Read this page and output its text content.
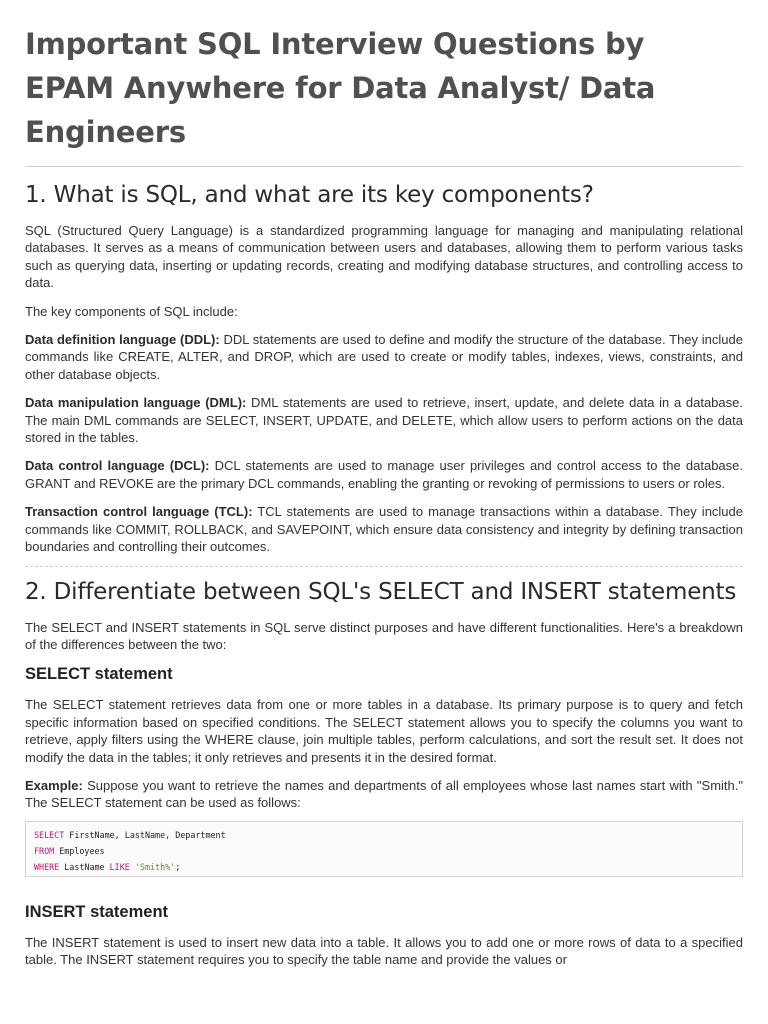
Important SQL Interview Questions by EPAM Anywhere for Data Analyst/ Data Engineers
1. What is SQL, and what are its key components?

SQL (Structured Query Language) is a standardized programming language for managing and manipulating relational databases. It serves as a means of communication between users and databases, allowing them to perform various tasks such as querying data, inserting or updating records, creating and modifying database structures, and controlling access to data.

The key components of SQL include:

Data definition language (DDL): DDL statements are used to define and modify the structure of the database. They include commands like CREATE, ALTER, and DROP, which are used to create or modify tables, indexes, views, constraints, and other database objects.

Data manipulation language (DML): DML statements are used to retrieve, insert, update, and delete data in a database. The main DML commands are SELECT, INSERT, UPDATE, and DELETE, which allow users to perform actions on the data stored in the tables.

Data control language (DCL): DCL statements are used to manage user privileges and control access to the database. GRANT and REVOKE are the primary DCL commands, enabling the granting or revoking of permissions to users or roles.

Transaction control language (TCL): TCL statements are used to manage transactions within a database. They include commands like COMMIT, ROLLBACK, and SAVEPOINT, which ensure data consistency and integrity by defining transaction boundaries and controlling their outcomes.

2. Differentiate between SQL's SELECT and INSERT statements

The SELECT and INSERT statements in SQL serve distinct purposes and have different functionalities. Here's a breakdown of the differences between the two:

SELECT statement

The SELECT statement retrieves data from one or more tables in a database. Its primary purpose is to query and fetch specific information based on specified conditions. The SELECT statement allows you to specify the columns you want to retrieve, apply filters using the WHERE clause, join multiple tables, perform calculations, and sort the result set. It does not modify the data in the tables; it only retrieves and presents it in the desired format.

Example: Suppose you want to retrieve the names and departments of all employees whose last names start with "Smith." The SELECT statement can be used as follows:

SELECT FirstName, LastName, Department
FROM Employees
WHERE LastName LIKE 'Smith%';
INSERT statement

The INSERT statement is used to insert new data into a table. It allows you to add one or more rows of data to a specified table. The INSERT statement requires you to specify the table name and provide the values or
